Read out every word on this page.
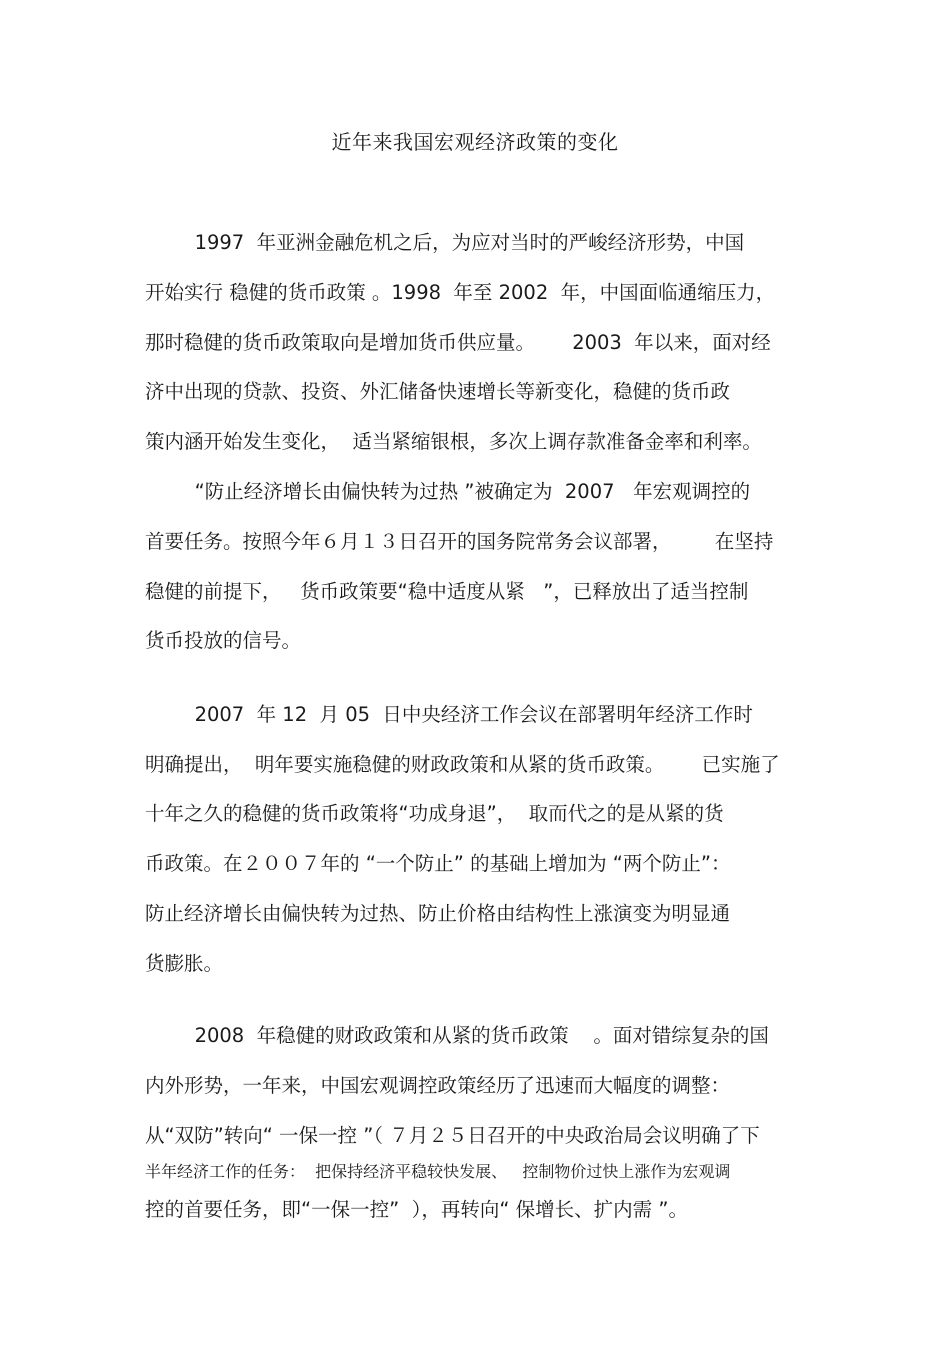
近年来我国宏观经济政策的变化
1997  年亚洲金融危机之后，为应对当时的严峻经济形势，中国
开始实行 稳健的货币政策 。1998  年至 2002  年，中国面临通缩压力，
那时稳健的货币政策取向是增加货币供应量。      2003  年以来，面对经
济中出现的贷款、投资、外汇储备快速增长等新变化，稳健的货币政
策内涵开始发生变化，  适当紧缩银根，多次上调存款准备金率和利率。
“防止经济增长由偏快转为过热 ”被确定为  2007   年宏观调控的
首要任务。按照今年６月１３日召开的国务院常务会议部署，       在坚持
稳健的前提下，   货币政策要“稳中适度从紧   ”，已释放出了适当控制
货币投放的信号。
2007  年 12  月 05  日中央经济工作会议在部署明年经济工作时
明确提出，  明年要实施稳健的财政政策和从紧的货币政策。      已实施了
十年之久的稳健的货币政策将“功成身退”，  取而代之的是从紧的货
币政策。在２００７年的 “一个防止” 的基础上增加为 “两个防止”：
防止经济增长由偏快转为过热、防止价格由结构性上涨演变为明显通
货膨胀。
2008  年稳健的财政政策和从紧的货币政策    。面对错综复杂的国
内外形势，一年来，中国宏观调控政策经历了迅速而大幅度的调整：
从“双防”转向“ 一保一控 ”（ ７月２５日召开的中央政治局会议明确了下
半年经济工作的任务：  把保持经济平稳较快发展、   控制物价过快上涨作为宏观调
控的首要任务，即“一保一控”  ），再转向“ 保增长、扩内需 ”。
